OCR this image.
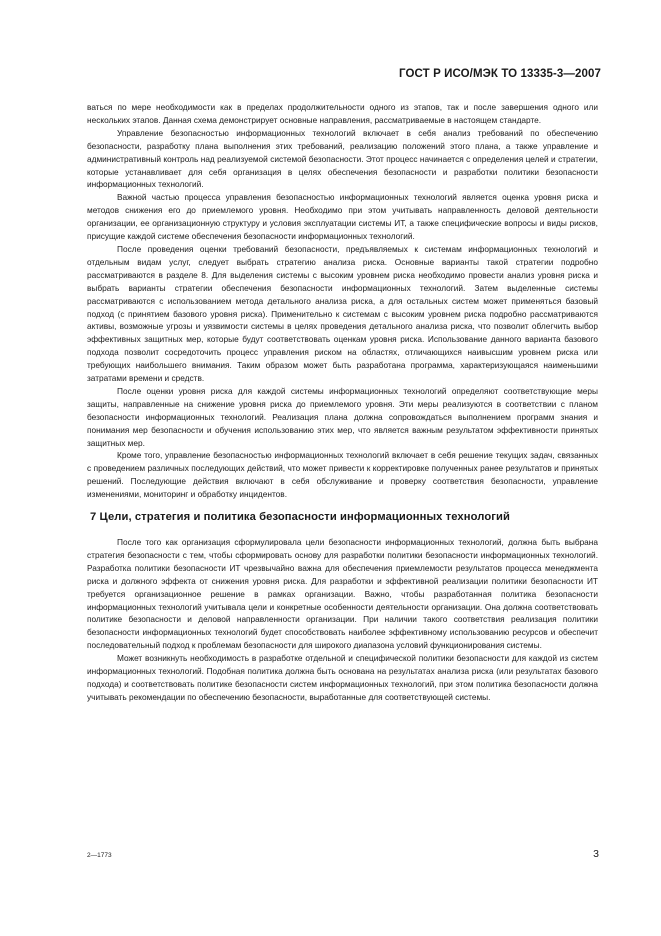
ГОСТ Р ИСО/МЭК ТО 13335-3—2007

ваться по мере необходимости как в пределах продолжительности одного из этапов, так и после завершения одного или нескольких этапов. Данная схема демонстрирует основные направления, рассматриваемые в настоящем стандарте.

Управление безопасностью информационных технологий включает в себя анализ требований по обеспечению безопасности, разработку плана выполнения этих требований, реализацию положений этого плана, а также управление и административный контроль над реализуемой системой безопасности. Этот процесс начинается с определения целей и стратегии, которые устанавливает для себя организация в целях обеспечения безопасности и разработки политики безопасности информационных технологий.

Важной частью процесса управления безопасностью информационных технологий является оценка уровня риска и методов снижения его до приемлемого уровня. Необходимо при этом учитывать направленность деловой деятельности организации, ее организационную структуру и условия эксплуатации системы ИТ, а также специфические вопросы и виды рисков, присущие каждой системе обеспечения безопасности информационных технологий.

После проведения оценки требований безопасности, предъявляемых к системам информационных технологий и отдельным видам услуг, следует выбрать стратегию анализа риска. Основные варианты такой стратегии подробно рассматриваются в разделе 8. Для выделения системы с высоким уровнем риска необходимо провести анализ уровня риска и выбрать варианты стратегии обеспечения безопасности информационных технологий. Затем выделенные системы рассматриваются с использованием метода детального анализа риска, а для остальных систем может применяться базовый подход (с принятием базового уровня риска). Применительно к системам с высоким уровнем риска подробно рассматриваются активы, возможные угрозы и уязвимости системы в целях проведения детального анализа риска, что позволит облегчить выбор эффективных защитных мер, которые будут соответствовать оценкам уровня риска. Использование данного варианта базового подхода позволит сосредоточить процесс управления риском на областях, отличающихся наивысшим уровнем риска или требующих наибольшего внимания. Таким образом может быть разработана программа, характеризующаяся наименьшими затратами времени и средств.

После оценки уровня риска для каждой системы информационных технологий определяют соответствующие меры защиты, направленные на снижение уровня риска до приемлемого уровня. Эти меры реализуются в соответствии с планом безопасности информационных технологий. Реализация плана должна сопровождаться выполнением программ знания и понимания мер безопасности и обучения использованию этих мер, что является важным результатом эффективности принятых защитных мер.

Кроме того, управление безопасностью информационных технологий включает в себя решение текущих задач, связанных с проведением различных последующих действий, что может привести к корректировке полученных ранее результатов и принятых решений. Последующие действия включают в себя обслуживание и проверку соответствия безопасности, управление изменениями, мониторинг и обработку инцидентов.

7 Цели, стратегия и политика безопасности информационных технологий

После того как организация сформулировала цели безопасности информационных технологий, должна быть выбрана стратегия безопасности с тем, чтобы сформировать основу для разработки политики безопасности информационных технологий. Разработка политики безопасности ИТ чрезвычайно важна для обеспечения приемлемости результатов процесса менеджмента риска и должного эффекта от снижения уровня риска. Для разработки и эффективной реализации политики безопасности ИТ требуется организационное решение в рамках организации. Важно, чтобы разработанная политика безопасности информационных технологий учитывала цели и конкретные особенности деятельности организации. Она должна соответствовать политике безопасности и деловой направленности организации. При наличии такого соответствия реализация политики безопасности информационных технологий будет способствовать наиболее эффективному использованию ресурсов и обеспечит последовательный подход к проблемам безопасности для широкого диапазона условий функционирования системы.

Может возникнуть необходимость в разработке отдельной и специфической политики безопасности для каждой из систем информационных технологий. Подобная политика должна быть основана на результатах анализа риска (или результатах базового подхода) и соответствовать политике безопасности систем информационных технологий, при этом политика безопасности должна учитывать рекомендации по обеспечению безопасности, выработанные для соответствующей системы.

2—1773	3
